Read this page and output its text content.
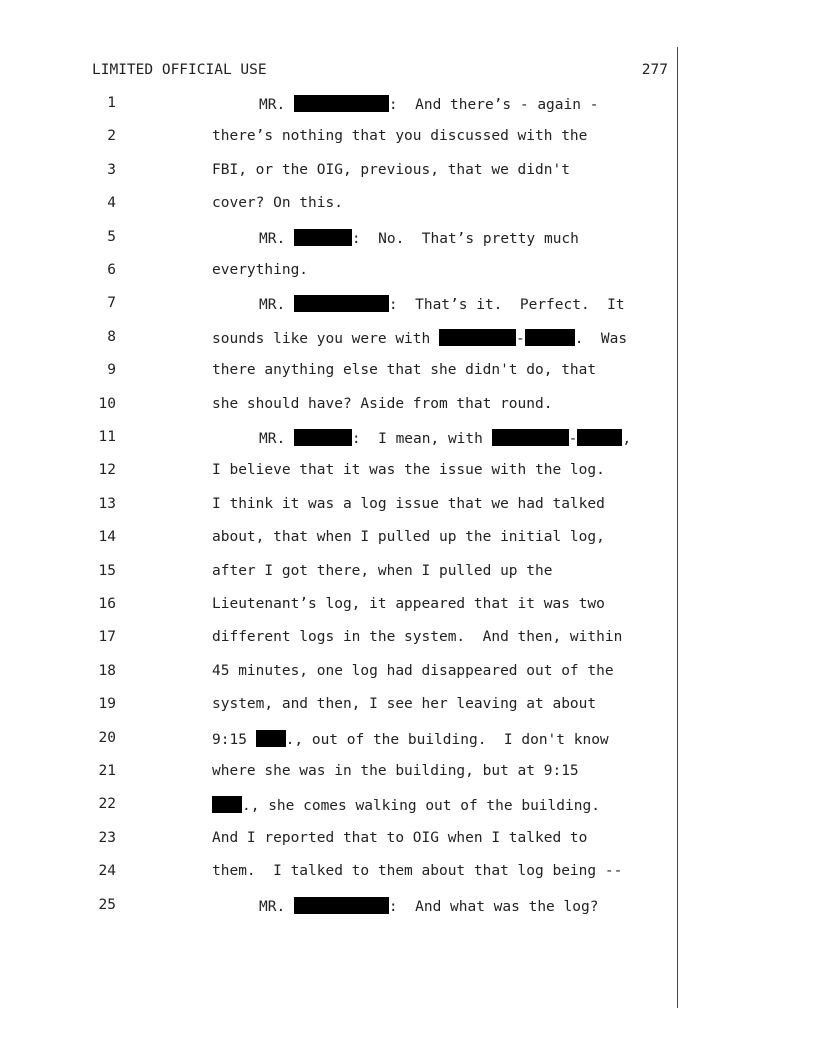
LIMITED OFFICIAL USE	277
1	MR.	:  And there’s - again -
2	there’s nothing that you discussed with the
3	FBI, or the OIG, previous, that we didn't
4	cover? On this.
5	MR.	:  No.  That’s pretty much
6	everything.
7	MR.	:  That’s it.  Perfect.  It
8	sounds like you were with	-	.  Was
9	there anything else that she didn't do, that
10	she should have? Aside from that round.
11	MR.	:  I mean, with	-	,
12	I believe that it was the issue with the log.
13	I think it was a log issue that we had talked
14	about, that when I pulled up the initial log,
15	after I got there, when I pulled up the
16	Lieutenant’s log, it appeared that it was two
17	different logs in the system.  And then, within
18	45 minutes, one log had disappeared out of the
19	system, and then, I see her leaving at about
20	9:15 ., out of the building.  I don't know
21	where she was in the building, but at 9:15
22	., she comes walking out of the building.
23	And I reported that to OIG when I talked to
24	them.  I talked to them about that log being --
25	MR.	:  And what was the log?
